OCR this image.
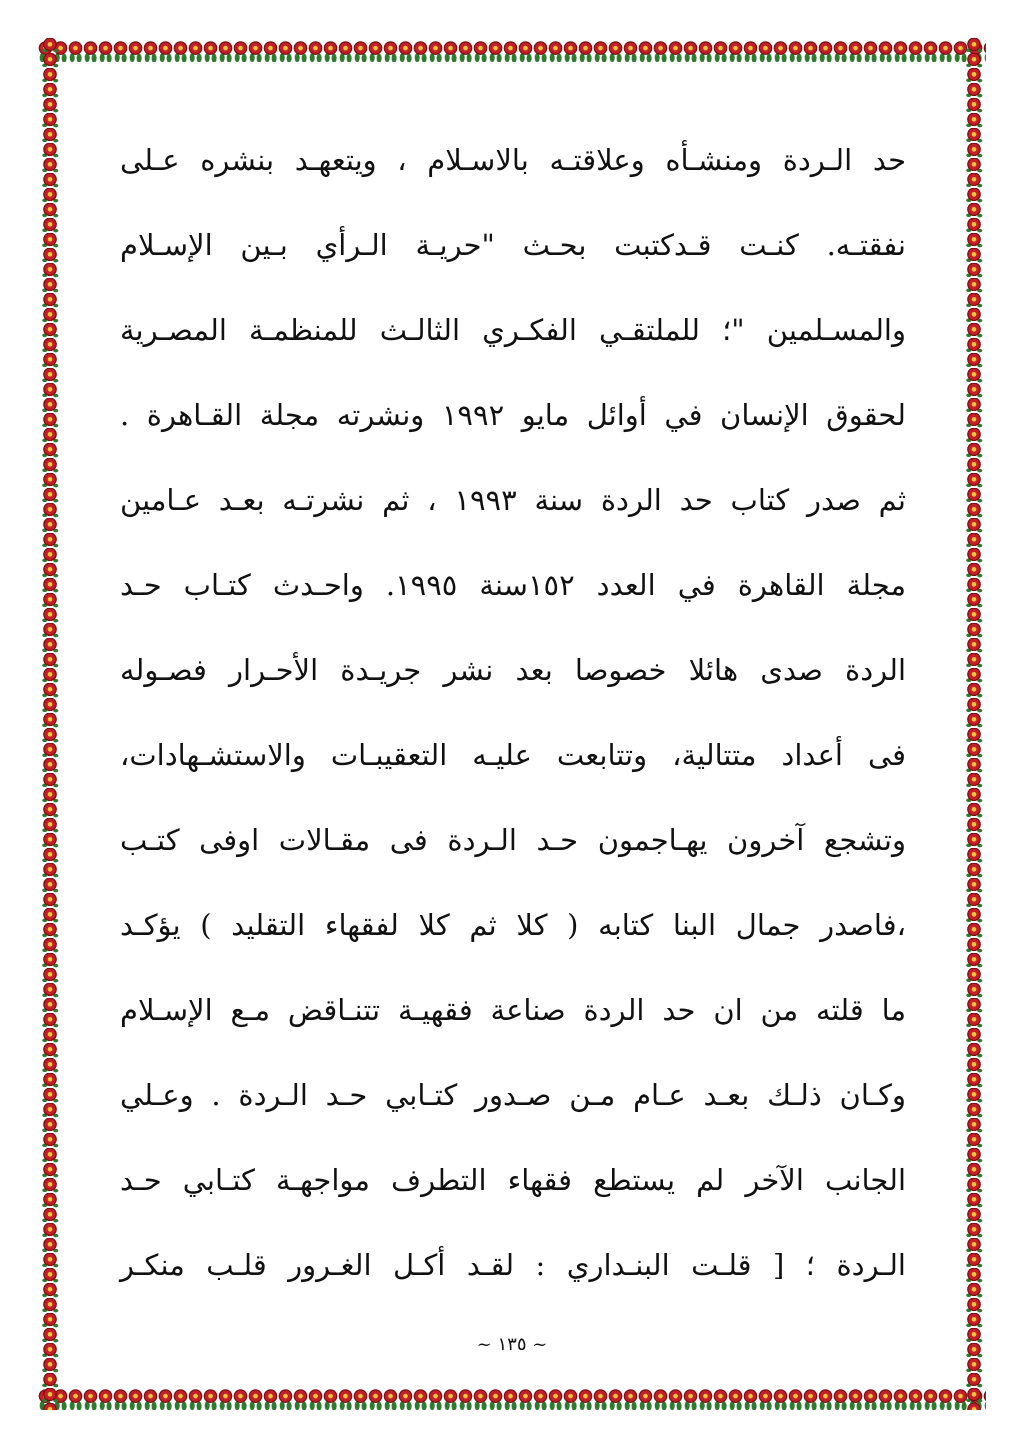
حد الـردة ومنشـأه وعلاقتـه بالاسـلام ، ويتعهـد بنشره عـلى
نفقتـه. كنـت قـدكتبت بحـث "حريـة الـرأي بـين الإسـلام
والمسـلمين "؛ للملتقـي الفكـري الثالـث للمنظمـة المصـرية
لحقوق الإنسان في أوائل مايو ١٩٩٢ ونشرته مجلة القـاهرة .
ثم صدر كتاب حد الردة سنة ١٩٩٣ ، ثم نشرتـه بعـد عـامين
مجلة القاهرة في العدد ١٥٢سنة ١٩٩٥. واحـدث كتـاب حـد
الردة صدى هائلا خصوصا بعد نشر جريـدة الأحـرار فصـوله
فى أعداد متتالية، وتتابعت عليـه التعقيبـات والاستشـهادات،
وتشجع آخرون يهـاجمون حـد الـردة فى مقـالات اوفى كتـب
،فاصدر جمال البنا كتابه ( كلا ثم كلا لفقهاء التقليد ) يؤكـد
ما قلته من ان حد الردة صناعة فقهيـة تتنـاقض مـع الإسـلام
وكـان ذلـك بعـد عـام مـن صـدور كتـابي حـد الـردة . وعـلي
الجانب الآخر لم يستطع فقهاء التطرف مواجهـة كتـابي حـد
الـردة ؛ [ قلـت البنـداري : لقـد أكـل الغـرور قلـب منكـر
~ ١٣٥ ~
